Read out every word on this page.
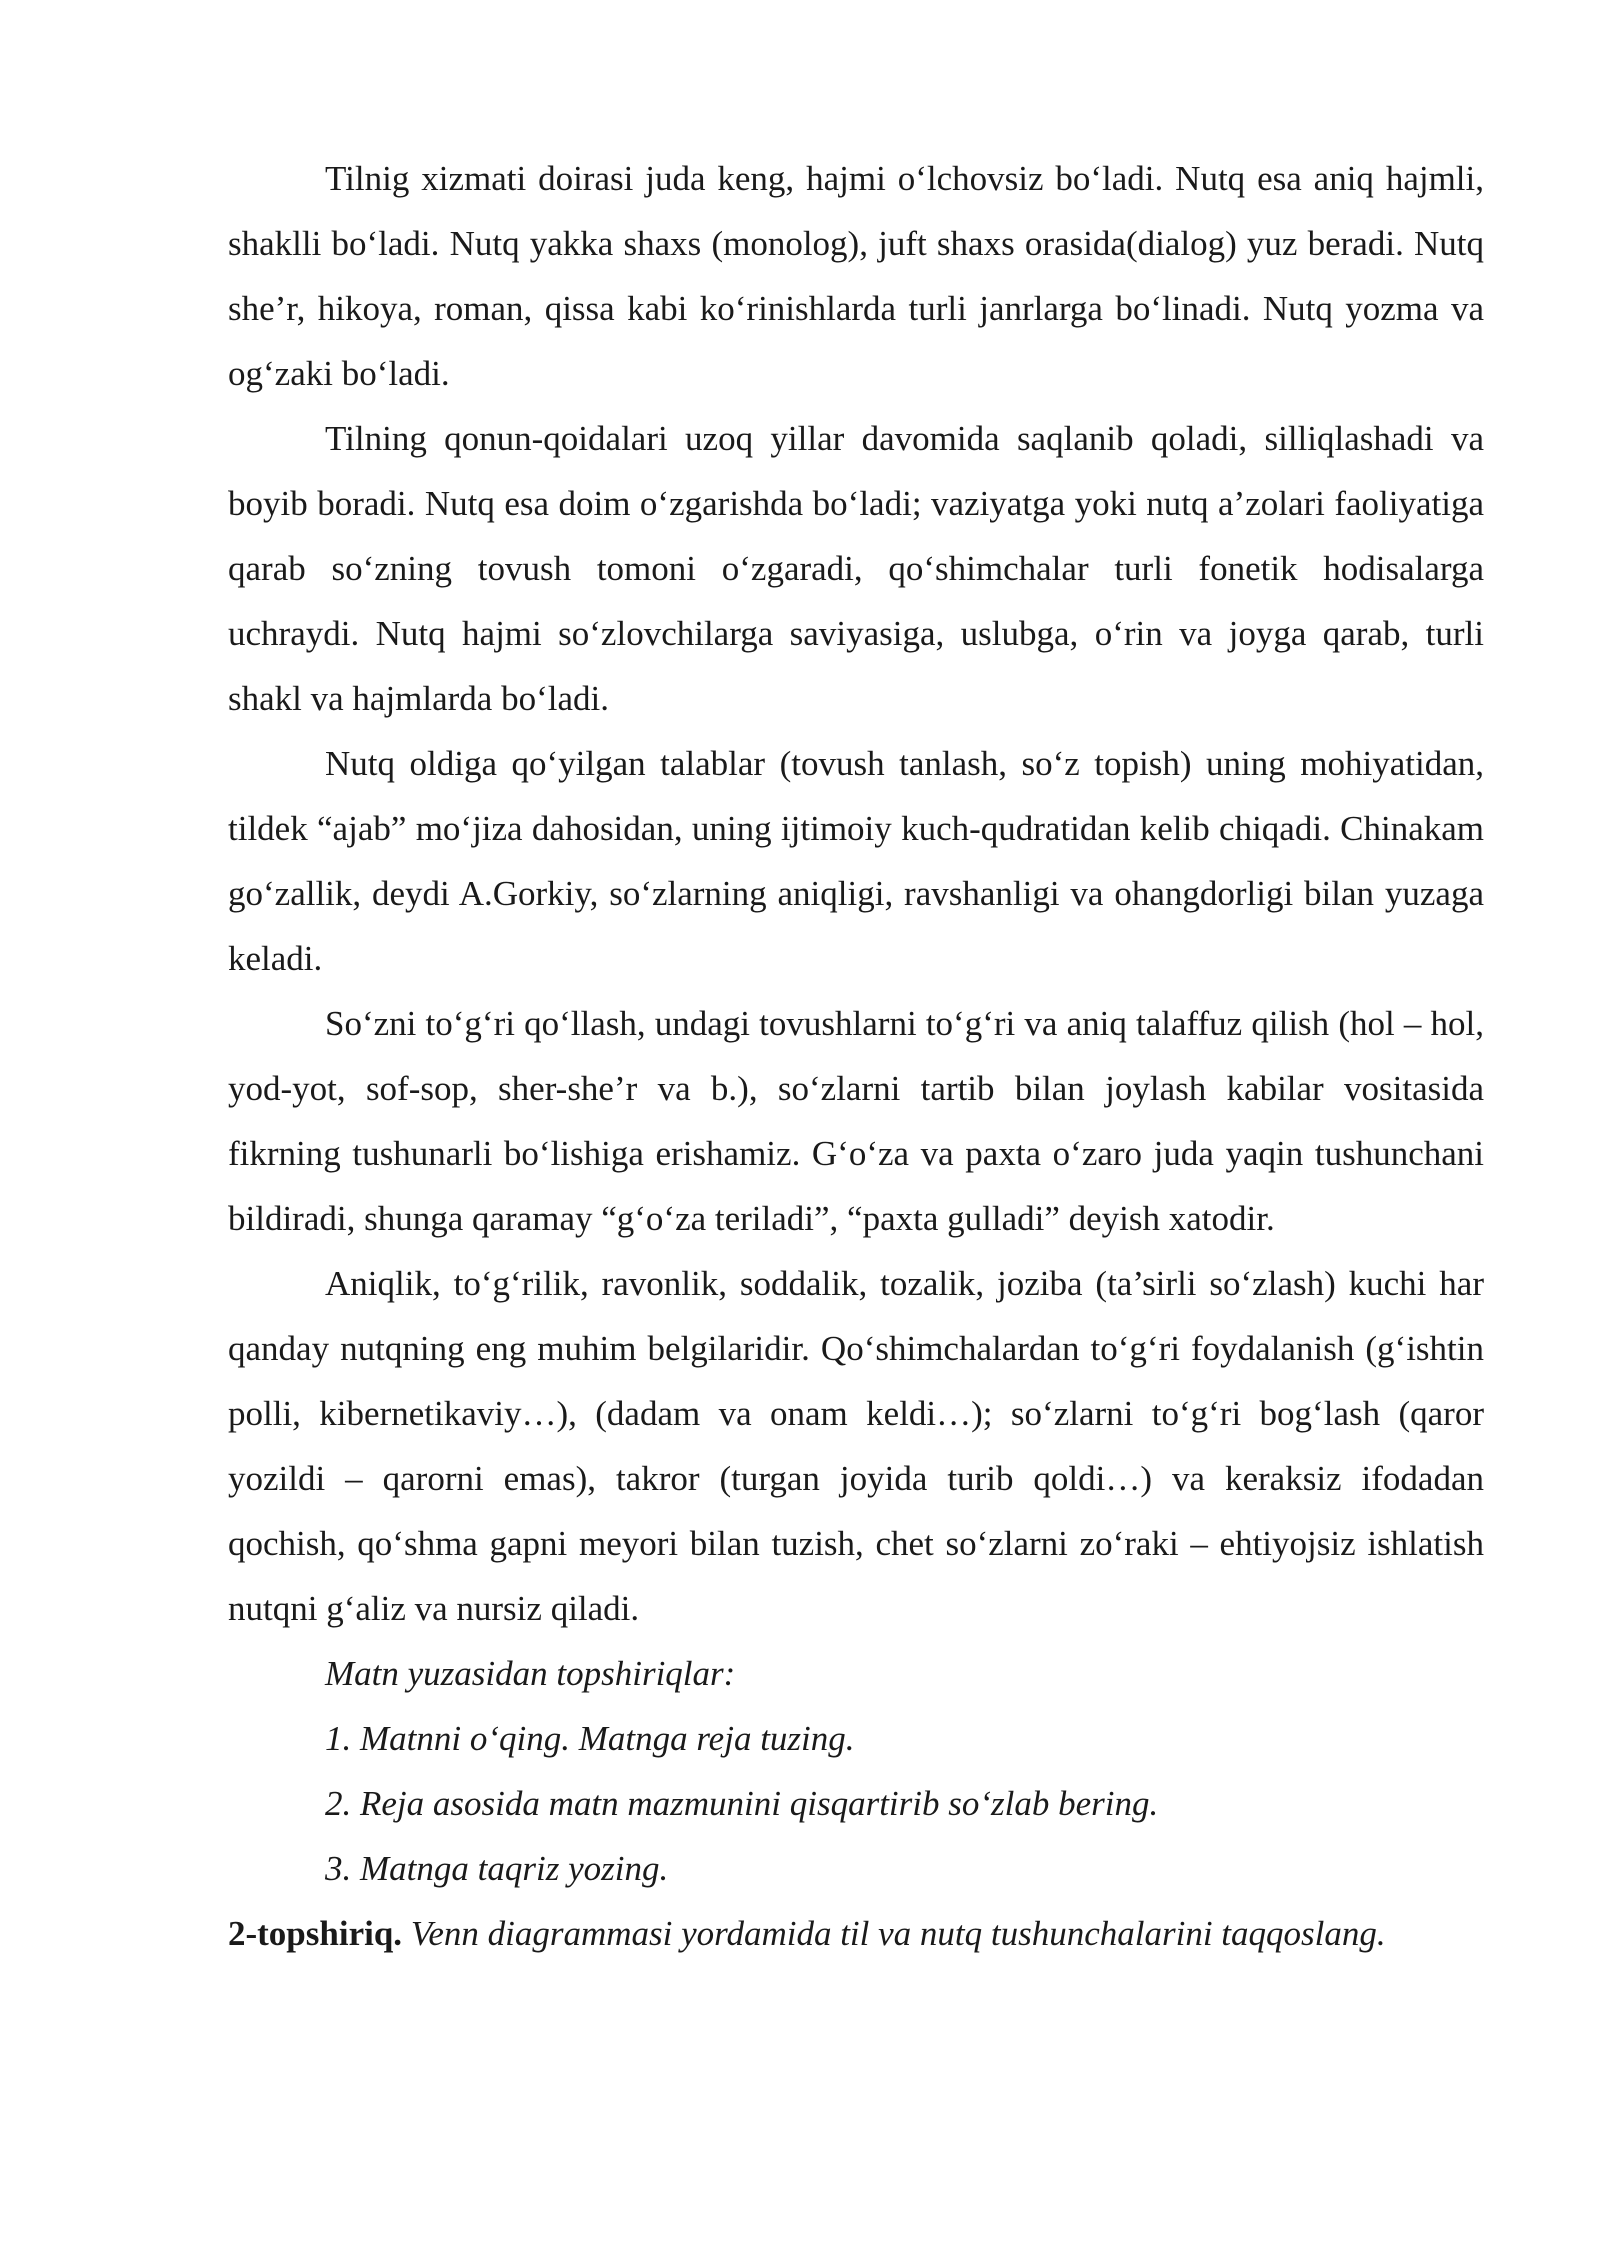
Tilnig xizmati doirasi juda keng, hajmi o‘lchovsiz bo‘ladi. Nutq esa aniq hajmli, shaklli bo‘ladi. Nutq yakka shaxs (monolog), juft shaxs orasida(dialog) yuz beradi. Nutq she’r, hikoya, roman, qissa kabi ko‘rinishlarda turli janrlarga bo‘linadi. Nutq yozma va og‘zaki bo‘ladi.

Tilning qonun-qoidalari uzoq yillar davomida saqlanib qoladi, silliqlashadi va boyib boradi. Nutq esa doim o‘zgarishda bo‘ladi; vaziyatga yoki nutq a’zolari faoliyatiga qarab so‘zning tovush tomoni o‘zgaradi, qo‘shimchalar turli fonetik hodisalarga uchraydi. Nutq hajmi so‘zlovchilarga saviyasiga, uslubga, o‘rin va joyga qarab, turli shakl va hajmlarda bo‘ladi.

Nutq oldiga qo‘yilgan talablar (tovush tanlash, so‘z topish) uning mohiyatidan, tildek “ajab” mo‘jiza dahosidan, uning ijtimoiy kuch-qudratidan kelib chiqadi. Chinakam go‘zallik, deydi A.Gorkiy, so‘zlarning aniqligi, ravshanligi va ohangdorligi bilan yuzaga keladi.

So‘zni to‘g‘ri qo‘llash, undagi tovushlarni to‘g‘ri va aniq talaffuz qilish (hol – hol, yod-yot, sof-sop, sher-she’r va b.), so‘zlarni tartib bilan joylash kabilar vositasida fikrning tushunarli bo‘lishiga erishamiz. G‘o‘za va paxta o‘zaro juda yaqin tushunchani bildiradi, shunga qaramay “g‘o‘za teriladi”, “paxta gulladi” deyish xatodir.

Aniqlik, to‘g‘rilik, ravonlik, soddalik, tozalik, joziba (ta’sirli so‘zlash) kuchi har qanday nutqning eng muhim belgilaridir. Qo‘shimchalardan to‘g‘ri foydalanish (g‘ishtin polli, kibernetikaviy…), (dadam va onam keldi…); so‘zlarni to‘g‘ri bog‘lash (qaror yozildi – qarorni emas), takror (turgan joyida turib qoldi…) va keraksiz ifodadan qochish, qo‘shma gapni meyori bilan tuzish, chet so‘zlarni zo‘raki – ehtiyojsiz ishlatish nutqni g‘aliz va nursiz qiladi.

Matn yuzasidan topshiriqlar:

1. Matnni o‘qing. Matnga reja tuzing.

2. Reja asosida matn mazmunini qisqartirib so‘zlab bering.

3. Matnga taqriz yozing.

2-topshiriq. Venn diagrammasi yordamida til va nutq tushunchalarini taqqoslang.
